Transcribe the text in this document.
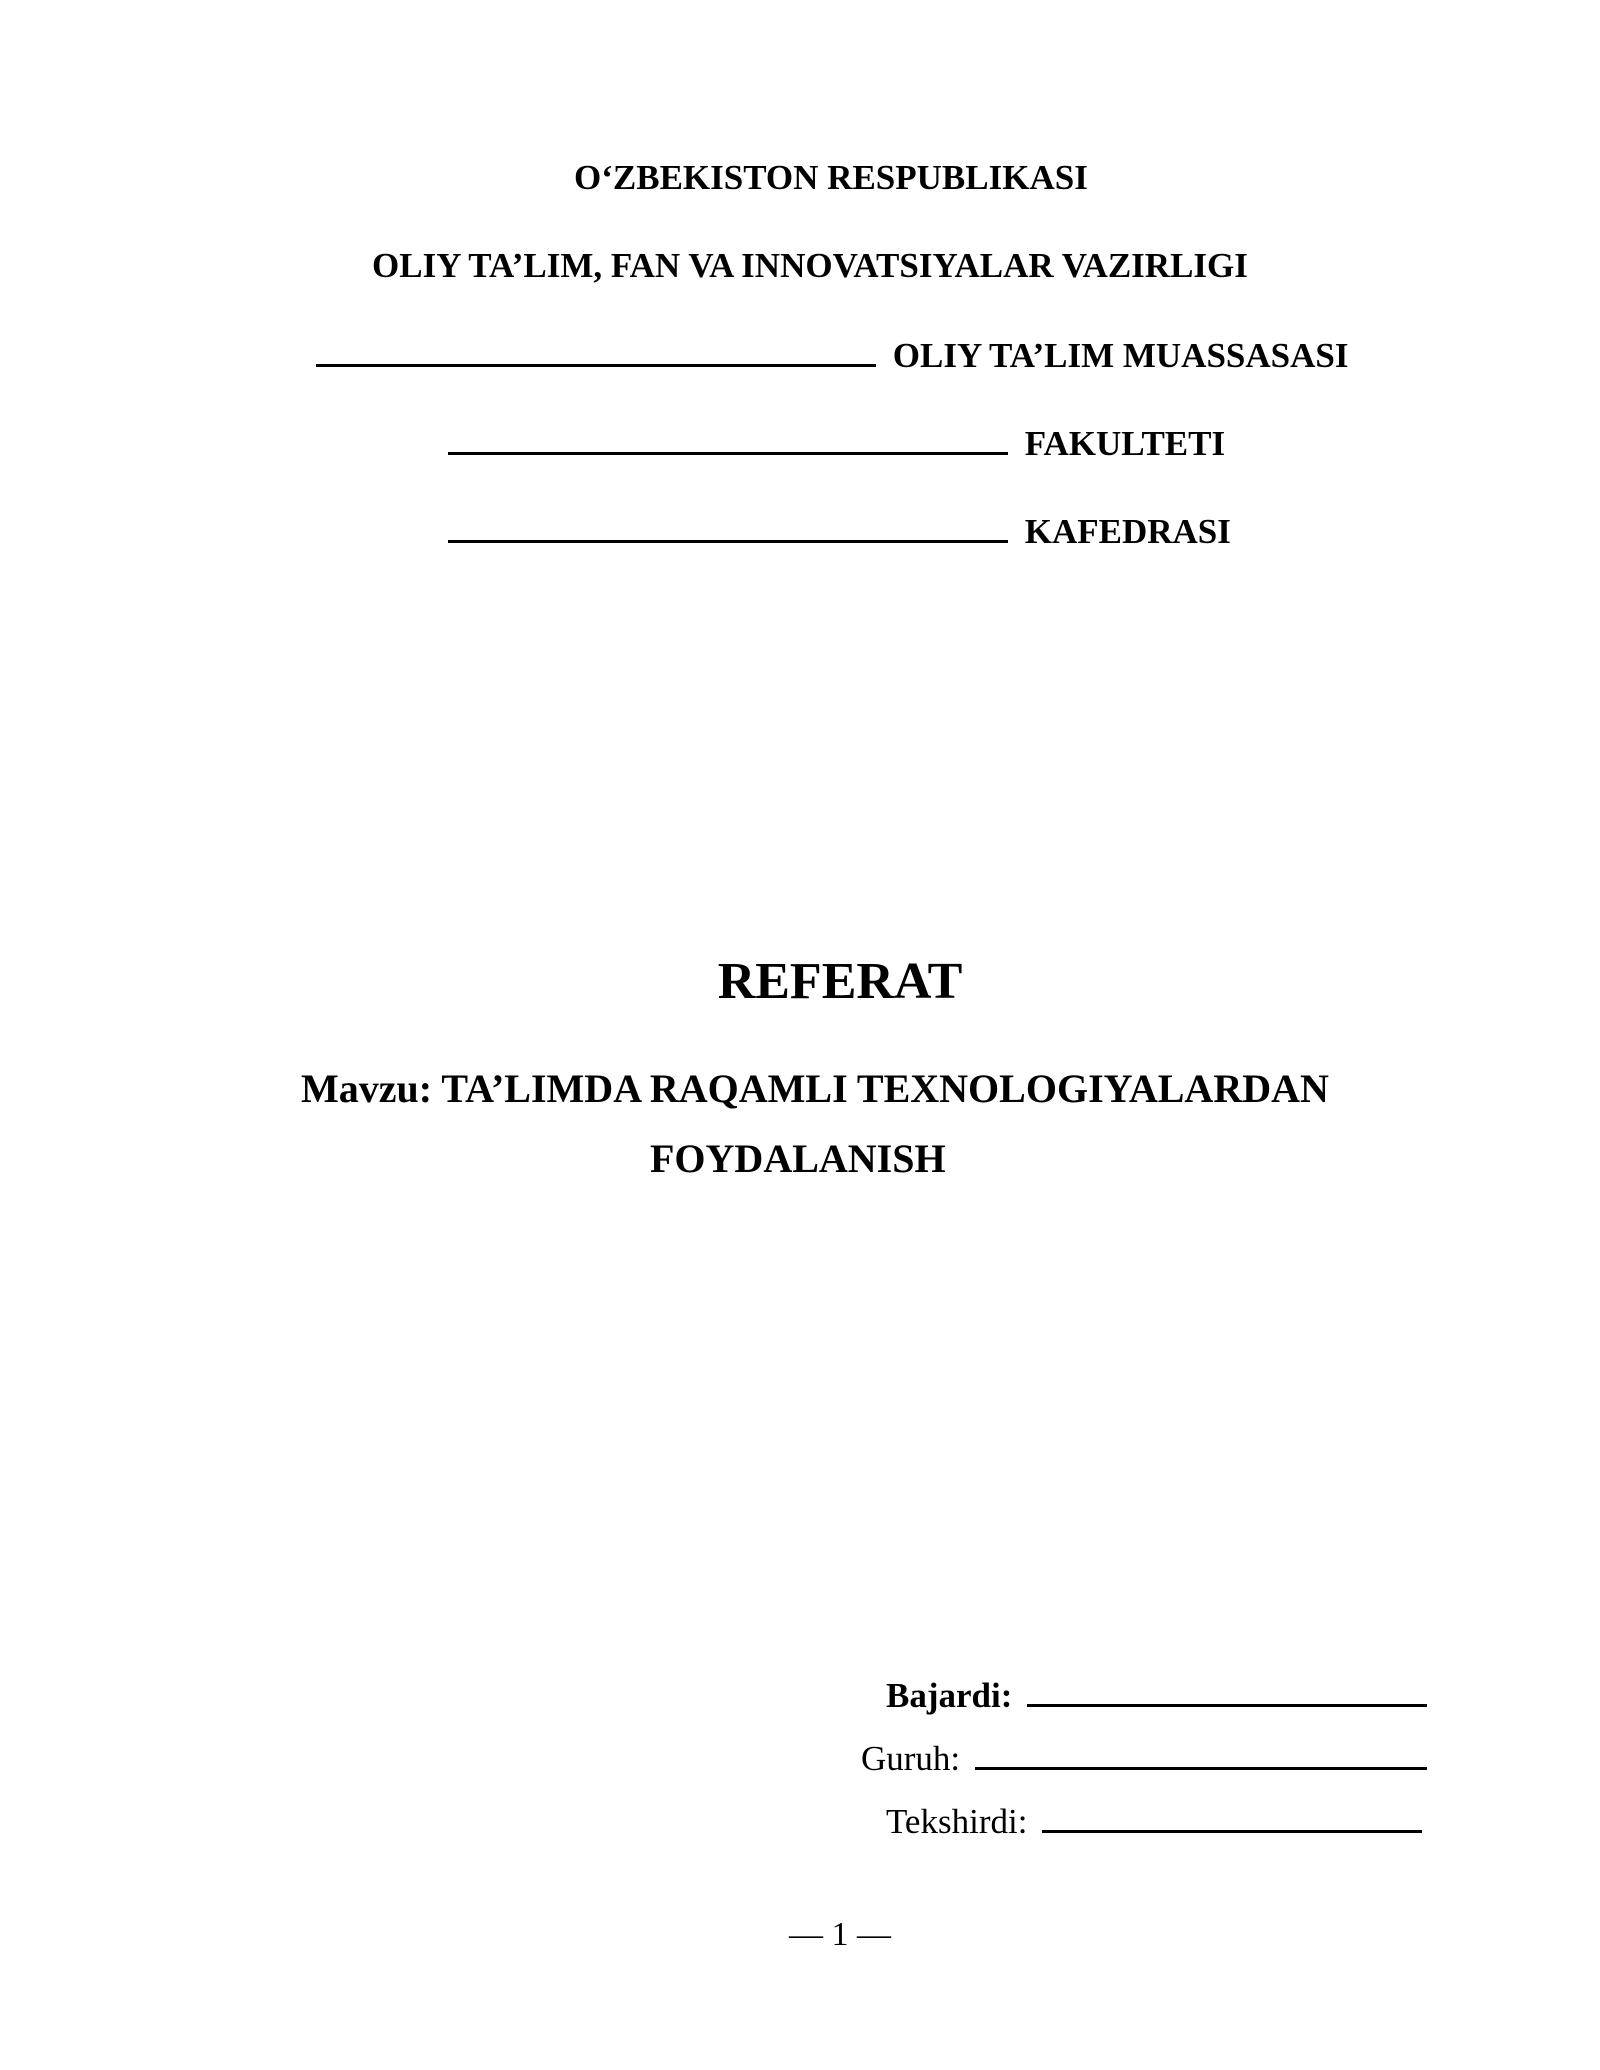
O‘ZBEKISTON RESPUBLIKASI
OLIY TA’LIM, FAN VA INNOVATSIYALAR VAZIRLIGI
OLIY TA’LIM MUASSASASI
FAKULTETI
KAFEDRASI
REFERAT
Mavzu: TA’LIMDA RAQAMLI TEXNOLOGIYALARDAN
FOYDALANISH
Bajardi:
Guruh:
Tekshirdi:
— 1 —
